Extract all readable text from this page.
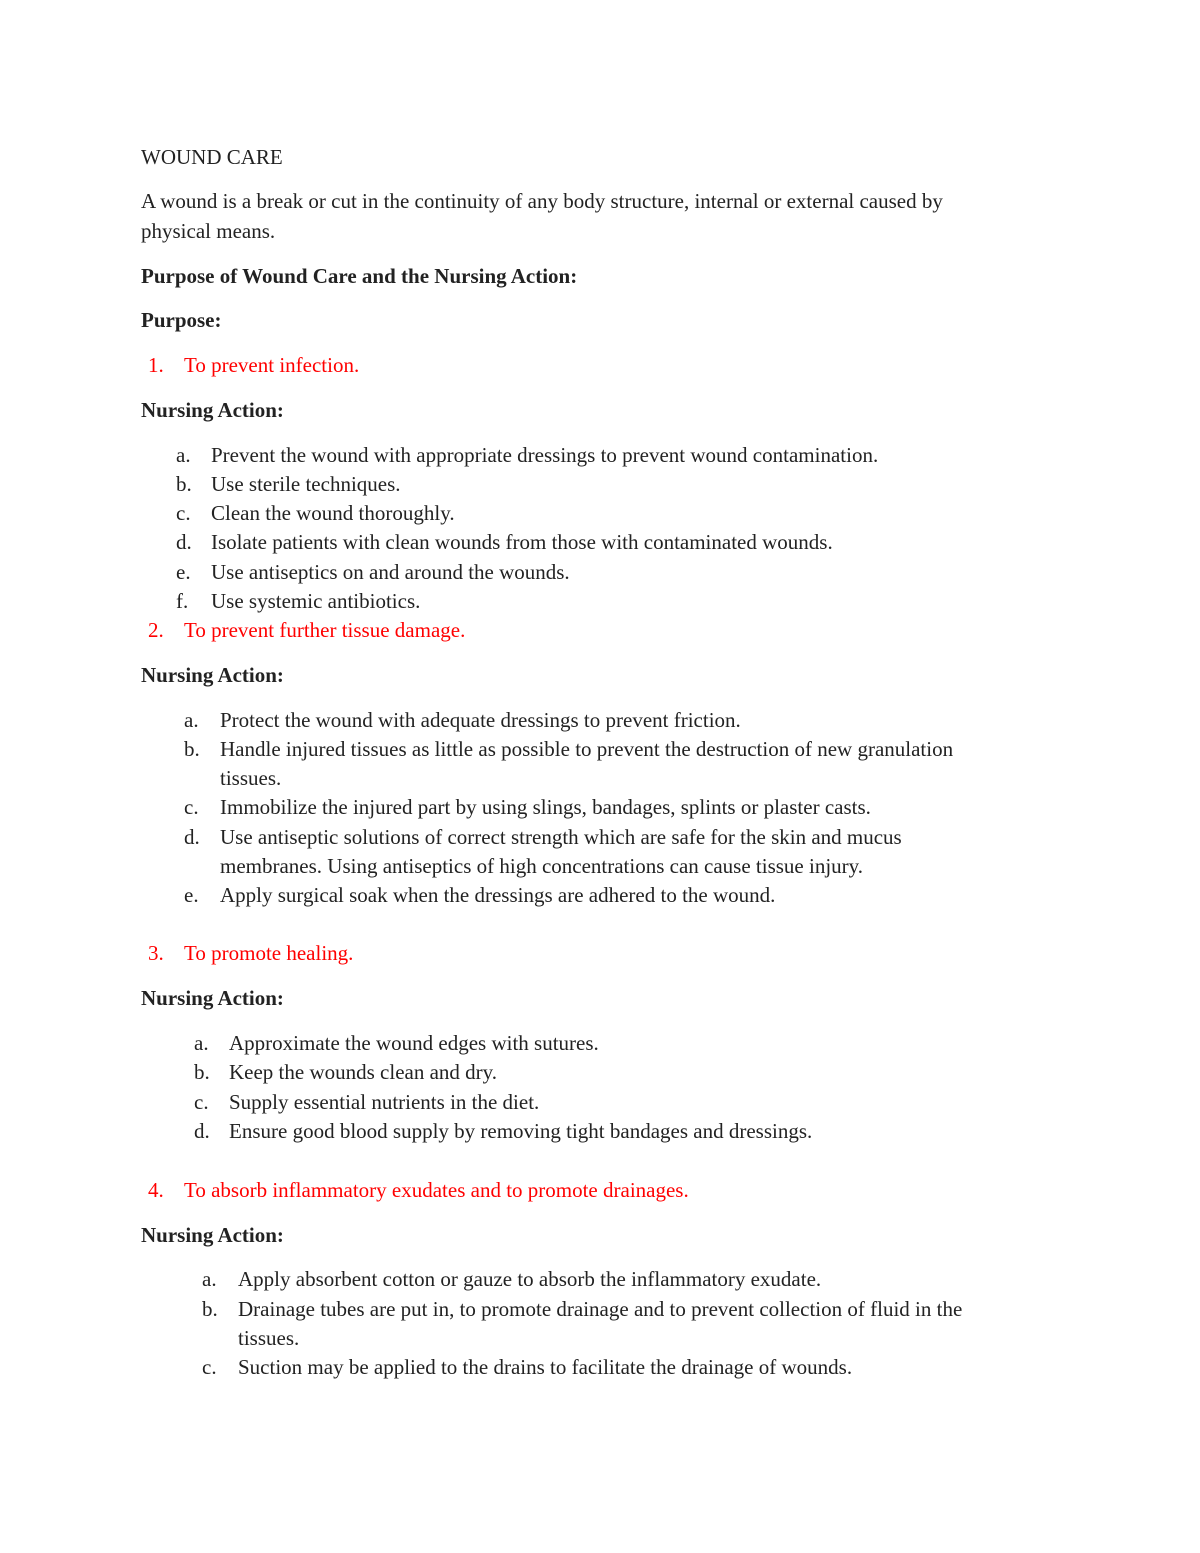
WOUND CARE
A wound is a break or cut in the continuity of any body structure, internal or external caused by
physical means.
Purpose of Wound Care and the Nursing Action:
Purpose:
1. To prevent infection.
Nursing Action:
a. Prevent the wound with appropriate dressings to prevent wound contamination.
b. Use sterile techniques.
c. Clean the wound thoroughly.
d. Isolate patients with clean wounds from those with contaminated wounds.
e. Use antiseptics on and around the wounds.
f. Use systemic antibiotics.
2. To prevent further tissue damage.
Nursing Action:
a. Protect the wound with adequate dressings to prevent friction.
b. Handle injured tissues as little as possible to prevent the destruction of new granulation
tissues.
c. Immobilize the injured part by using slings, bandages, splints or plaster casts.
d. Use antiseptic solutions of correct strength which are safe for the skin and mucus
membranes. Using antiseptics of high concentrations can cause tissue injury.
e. Apply surgical soak when the dressings are adhered to the wound.
3. To promote healing.
Nursing Action:
a. Approximate the wound edges with sutures.
b. Keep the wounds clean and dry.
c. Supply essential nutrients in the diet.
d. Ensure good blood supply by removing tight bandages and dressings.
4. To absorb inflammatory exudates and to promote drainages.
Nursing Action:
a. Apply absorbent cotton or gauze to absorb the inflammatory exudate.
b. Drainage tubes are put in, to promote drainage and to prevent collection of fluid in the
tissues.
c. Suction may be applied to the drains to facilitate the drainage of wounds.
